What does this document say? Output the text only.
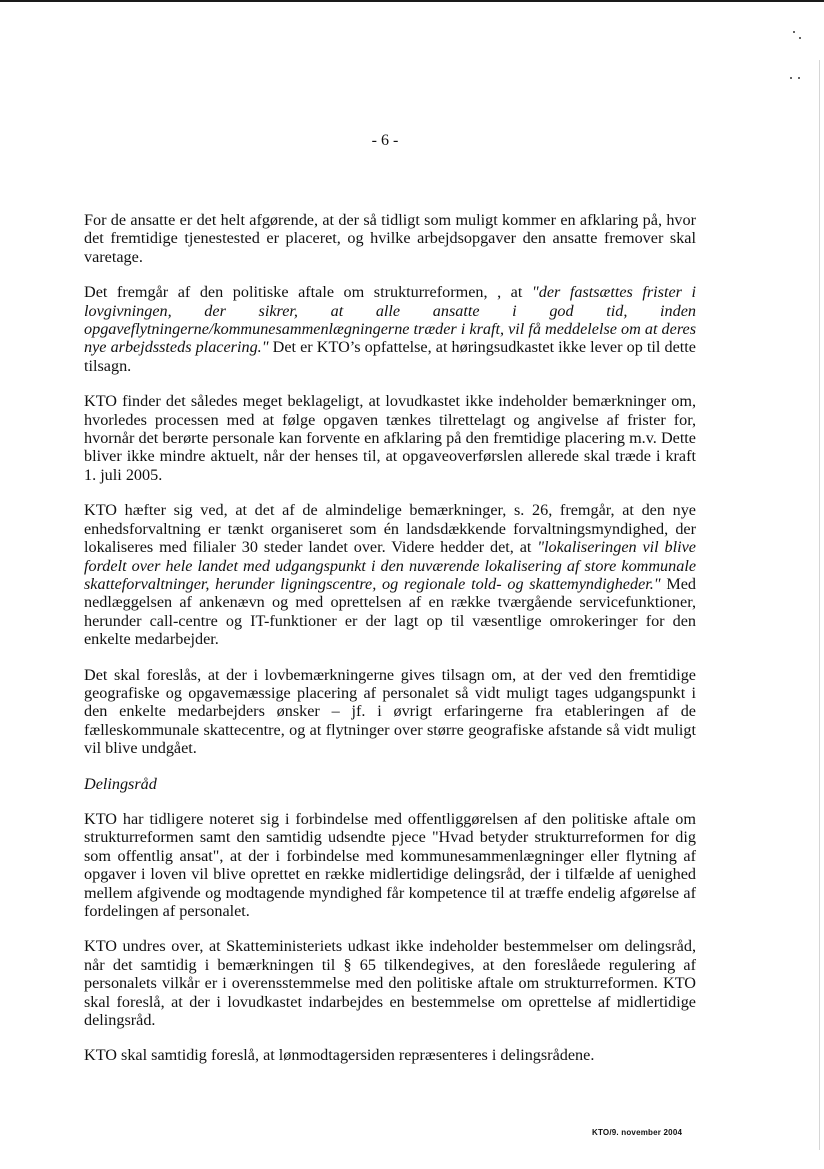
- 6 -

For de ansatte er det helt afgørende, at der så tidligt som muligt kommer en afklaring på, hvor det fremtidige tjenestested er placeret, og hvilke arbejdsopgaver den ansatte fremover skal varetage.

Det fremgår af den politiske aftale om strukturreformen, , at "der fastsættes frister i lovgivningen, der sikrer, at alle ansatte i god tid, inden opgaveflytningerne/kommunesammenlægningerne træder i kraft, vil få meddelelse om at deres nye arbejdssteds placering." Det er KTO’s opfattelse, at høringsudkastet ikke lever op til dette tilsagn.

KTO finder det således meget beklageligt, at lovudkastet ikke indeholder bemærkninger om, hvorledes processen med at følge opgaven tænkes tilrettelagt og angivelse af frister for, hvornår det berørte personale kan forvente en afklaring på den fremtidige placering m.v. Dette bliver ikke mindre aktuelt, når der henses til, at opgaveoverførslen allerede skal træde i kraft 1. juli 2005.

KTO hæfter sig ved, at det af de almindelige bemærkninger, s. 26, fremgår, at den nye enhedsforvaltning er tænkt organiseret som én landsdækkende forvaltningsmyndighed, der lokaliseres med filialer 30 steder landet over. Videre hedder det, at "lokaliseringen vil blive fordelt over hele landet med udgangspunkt i den nuværende lokalisering af store kommunale skatteforvaltninger, herunder ligningscentre, og regionale told- og skattemyndigheder." Med nedlæggelsen af ankenævn og med oprettelsen af en række tværgående servicefunktioner, herunder call-centre og IT-funktioner er der lagt op til væsentlige omrokeringer for den enkelte medarbejder.

Det skal foreslås, at der i lovbemærkningerne gives tilsagn om, at der ved den fremtidige geografiske og opgavemæssige placering af personalet så vidt muligt tages udgangspunkt i den enkelte medarbejders ønsker – jf. i øvrigt erfaringerne fra etableringen af de fælleskommunale skattecentre, og at flytninger over større geografiske afstande så vidt muligt vil blive undgået.

Delingsråd

KTO har tidligere noteret sig i forbindelse med offentliggørelsen af den politiske aftale om strukturreformen samt den samtidig udsendte pjece "Hvad betyder strukturreformen for dig som offentlig ansat", at der i forbindelse med kommunesammenlægninger eller flytning af opgaver i loven vil blive oprettet en række midlertidige delingsråd, der i tilfælde af uenighed mellem afgivende og modtagende myndighed får kompetence til at træffe endelig afgørelse af fordelingen af personalet.

KTO undres over, at Skatteministeriets udkast ikke indeholder bestemmelser om delingsråd, når det samtidig i bemærkningen til § 65 tilkendegives, at den foreslåede regulering af personalets vilkår er i overensstemmelse med den politiske aftale om strukturreformen. KTO skal foreslå, at der i lovudkastet indarbejdes en bestemmelse om oprettelse af midlertidige delingsråd.

KTO skal samtidig foreslå, at lønmodtagersiden repræsenteres i delingsrådene.

KTO/9. november 2004
